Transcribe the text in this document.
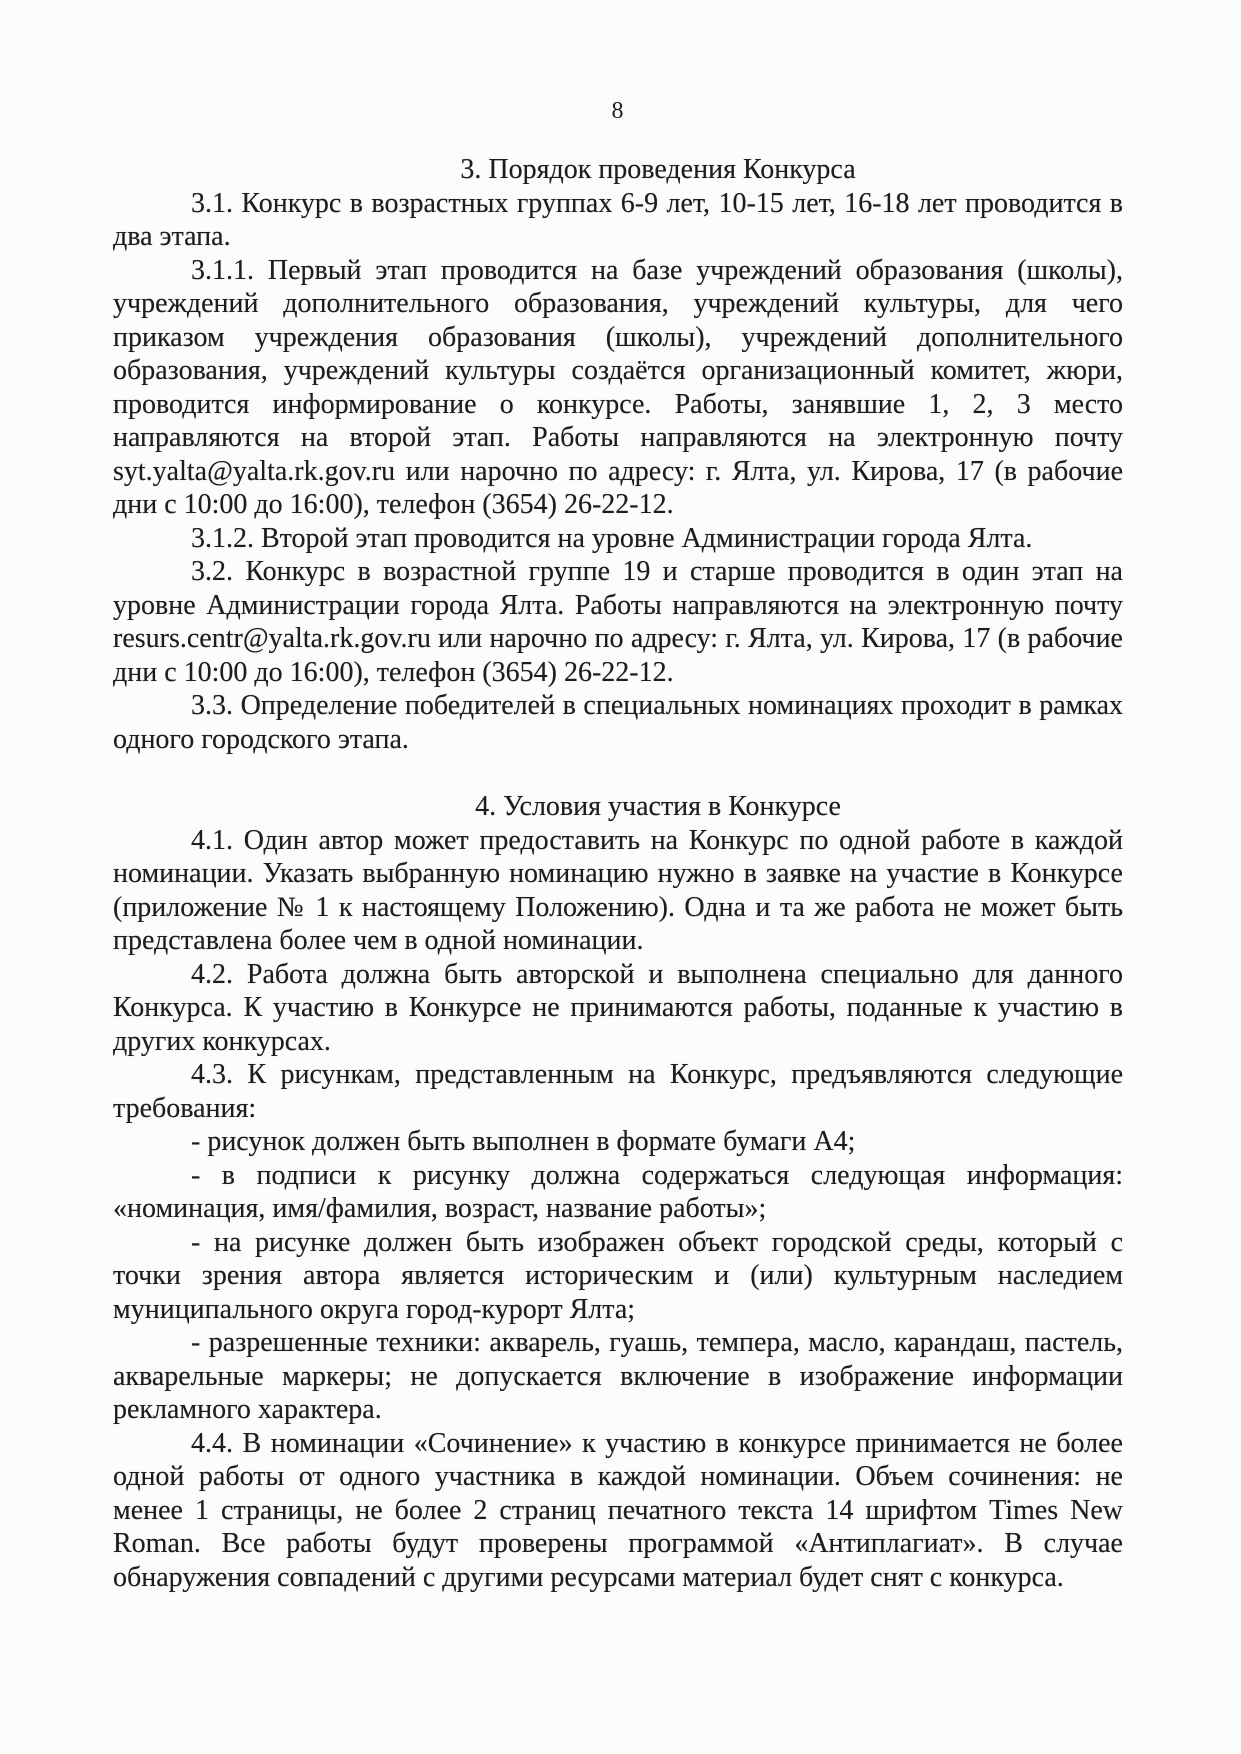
8

3. Порядок проведения Конкурса

3.1. Конкурс в возрастных группах 6-9 лет, 10-15 лет, 16-18 лет проводится в два этапа.

3.1.1. Первый этап проводится на базе учреждений образования (школы), учреждений дополнительного образования, учреждений культуры, для чего приказом учреждения образования (школы), учреждений дополнительного образования, учреждений культуры создаётся организационный комитет, жюри, проводится информирование о конкурсе. Работы, занявшие 1, 2, 3 место направляются на второй этап. Работы направляются на электронную почту syt.yalta@yalta.rk.gov.ru или нарочно по адресу: г. Ялта, ул. Кирова, 17 (в рабочие дни с 10:00 до 16:00), телефон (3654) 26-22-12.

3.1.2. Второй этап проводится на уровне Администрации города Ялта.

3.2. Конкурс в возрастной группе 19 и старше проводится в один этап на уровне Администрации города Ялта. Работы направляются на электронную почту resurs.centr@yalta.rk.gov.ru или нарочно по адресу: г. Ялта, ул. Кирова, 17 (в рабочие дни с 10:00 до 16:00), телефон (3654) 26-22-12.

3.3. Определение победителей в специальных номинациях проходит в рамках одного городского этапа.

4. Условия участия в Конкурсе

4.1. Один автор может предоставить на Конкурс по одной работе в каждой номинации. Указать выбранную номинацию нужно в заявке на участие в Конкурсе (приложение № 1 к настоящему Положению). Одна и та же работа не может быть представлена более чем в одной номинации.

4.2. Работа должна быть авторской и выполнена специально для данного Конкурса. К участию в Конкурсе не принимаются работы, поданные к участию в других конкурсах.

4.3. К рисункам, представленным на Конкурс, предъявляются следующие требования:

- рисунок должен быть выполнен в формате бумаги А4;

- в подписи к рисунку должна содержаться следующая информация: «номинация, имя/фамилия, возраст, название работы»;

- на рисунке должен быть изображен объект городской среды, который с точки зрения автора является историческим и (или) культурным наследием муниципального округа город-курорт Ялта;

- разрешенные техники: акварель, гуашь, темпера, масло, карандаш, пастель, акварельные маркеры; не допускается включение в изображение информации рекламного характера.

4.4. В номинации «Сочинение» к участию в конкурсе принимается не более одной работы от одного участника в каждой номинации. Объем сочинения: не менее 1 страницы, не более 2 страниц печатного текста 14 шрифтом Times New Roman. Все работы будут проверены программой «Антиплагиат». В случае обнаружения совпадений с другими ресурсами материал будет снят с конкурса.
